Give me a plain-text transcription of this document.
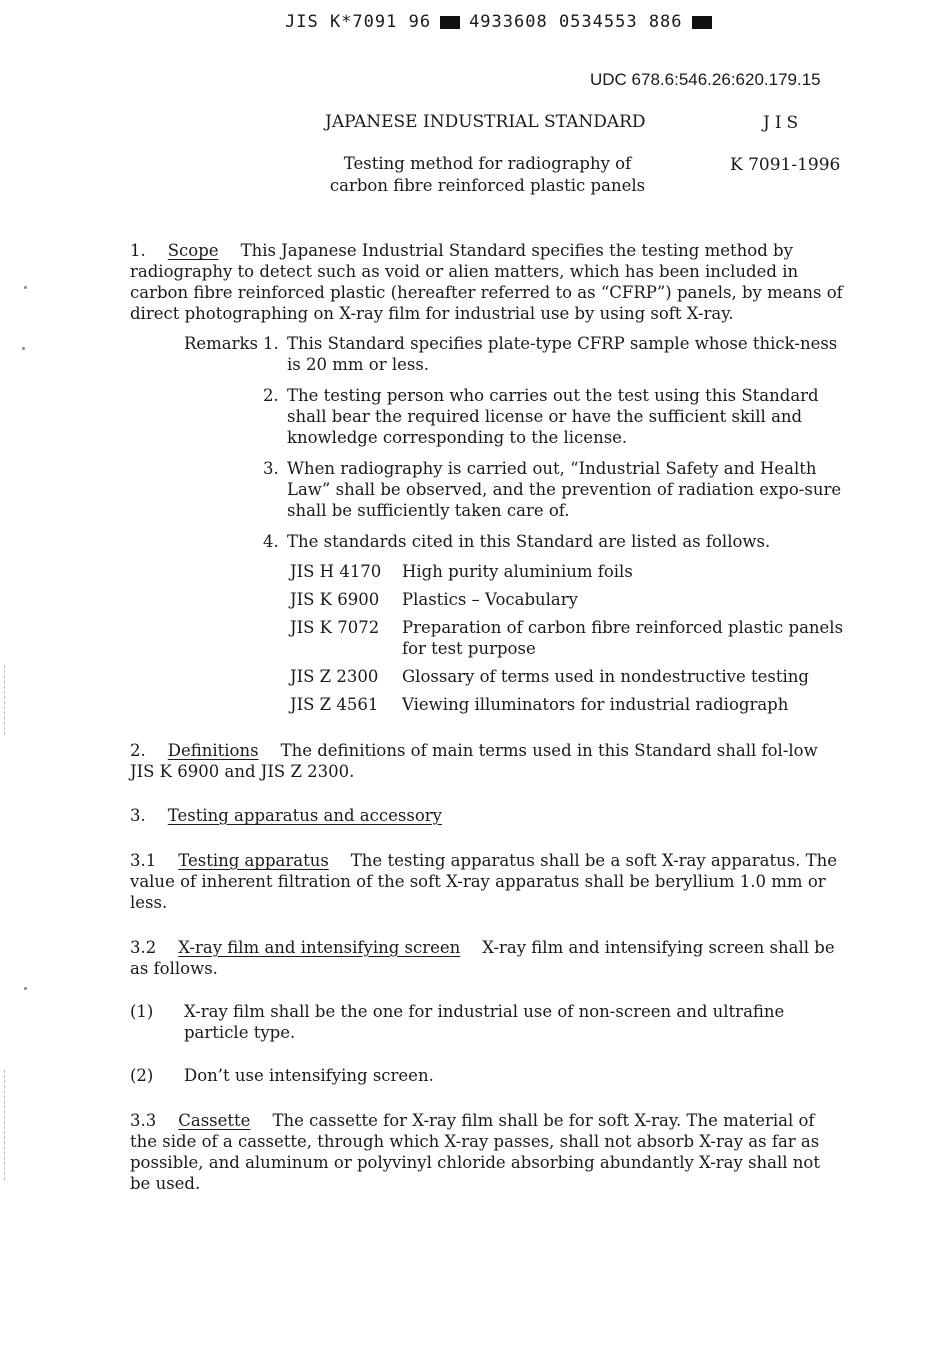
JIS K*7091 96 4933608 0534553 886
UDC 678.6:546.26:620.179.15
JAPANESE INDUSTRIAL STANDARD	JIS
Testing method for radiography of
carbon fibre reinforced plastic panels
K 7091-1996
1. Scope This Japanese Industrial Standard specifies the testing method by radiography to detect such as void or alien matters, which has been included in carbon fibre reinforced plastic (hereafter referred to as “CFRP”) panels, by means of direct photographing on X-ray film for industrial use by using soft X-ray.
Remarks 1. This Standard specifies plate-type CFRP sample whose thick-ness is 20 mm or less.
2. The testing person who carries out the test using this Standard shall bear the required license or have the sufficient skill and knowledge corresponding to the license.
3. When radiography is carried out, “Industrial Safety and Health Law” shall be observed, and the prevention of radiation expo-sure shall be sufficiently taken care of.
4. The standards cited in this Standard are listed as follows.
JIS H 4170	High purity aluminium foils
JIS K 6900	Plastics – Vocabulary
JIS K 7072	Preparation of carbon fibre reinforced plastic panels for test purpose
JIS Z 2300	Glossary of terms used in nondestructive testing
JIS Z 4561	Viewing illuminators for industrial radiograph
2. Definitions The definitions of main terms used in this Standard shall fol-low JIS K 6900 and JIS Z 2300.
3. Testing apparatus and accessory
3.1 Testing apparatus The testing apparatus shall be a soft X-ray apparatus. The value of inherent filtration of the soft X-ray apparatus shall be beryllium 1.0 mm or less.
3.2 X-ray film and intensifying screen X-ray film and intensifying screen shall be as follows.
(1)	X-ray film shall be the one for industrial use of non-screen and ultrafine particle type.
(2)	Don’t use intensifying screen.
3.3 Cassette The cassette for X-ray film shall be for soft X-ray. The material of the side of a cassette, through which X-ray passes, shall not absorb X-ray as far as possible, and aluminum or polyvinyl chloride absorbing abundantly X-ray shall not be used.
